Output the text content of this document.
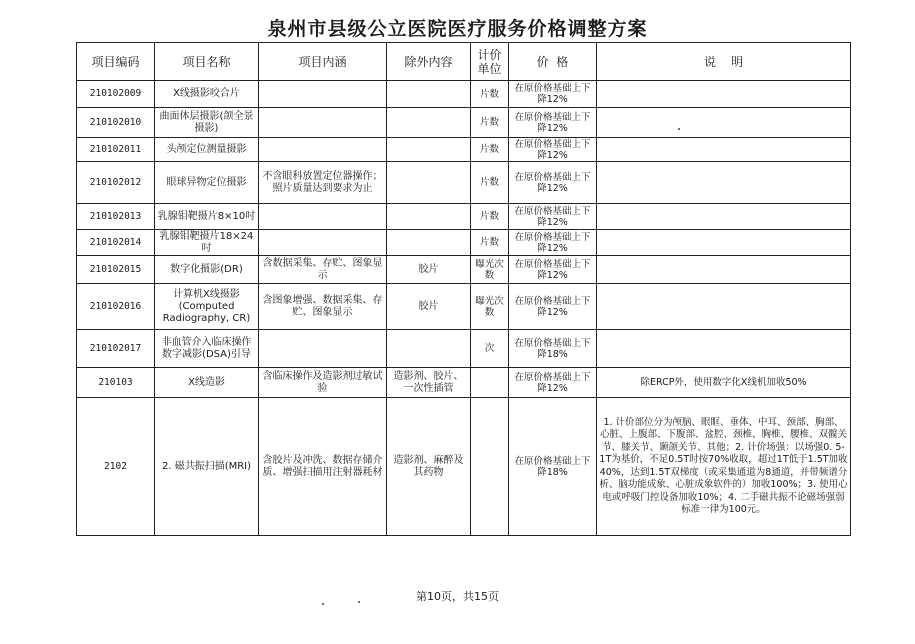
泉州市县级公立医院医疗服务价格调整方案
项目编码	项目名称	项目内涵	除外内容	计价单位	价  格	说    明
210102009	X线摄影咬合片			片数	在原价格基础上下降12%	
210102010	曲面体层摄影(颌全景摄影)			片数	在原价格基础上下降12%	
210102011	头颅定位测量摄影			片数	在原价格基础上下降12%	
210102012	眼球异物定位摄影	不含眼科放置定位器操作；照片质量达到要求为止		片数	在原价格基础上下降12%	
210102013	乳腺钼靶摄片8×10吋			片数	在原价格基础上下降12%	
210102014	乳腺钼靶摄片18×24吋			片数	在原价格基础上下降12%	
210102015	数字化摄影(DR)	含数据采集、存贮、图象显示	胶片	曝光次数	在原价格基础上下降12%	
210102016	计算机X线摄影(Computed Radiography, CR)	含图象增强、数据采集、存贮、图象显示	胶片	曝光次数	在原价格基础上下降12%	
210102017	非血管介入临床操作数字减影(DSA)引导			次	在原价格基础上下降18%	
210103	X线造影	含临床操作及造影剂过敏试验	造影剂、胶片、一次性插管		在原价格基础上下降12%	除ERCP外，使用数字化X线机加收50%
2102	2. 磁共振扫描(MRI)	含胶片及冲洗、数据存储介质、增强扫描用注射器耗材	造影剂、麻醉及其药物		在原价格基础上下降18%	1. 计价部位分为颅脑、眼眶、垂体、中耳、颈部、胸部、心脏、上腹部、下腹部、盆腔、颈椎、胸椎、腰椎、双髋关节、膝关节、颞颌关节、其他；2. 计价场强：以场强0. 5-1T为基价，不足0.5T时按70%收取，超过1T低于1.5T加收40%，达到1.5T双梯度（或采集通道为8通道，并带频谱分析、脑功能成象、心脏成象软件的）加收100%；3. 使用心电或呼吸门控设备加收10%；4. 二手磁共振不论磁场强弱标准一律为100元。
第10页，共15页
